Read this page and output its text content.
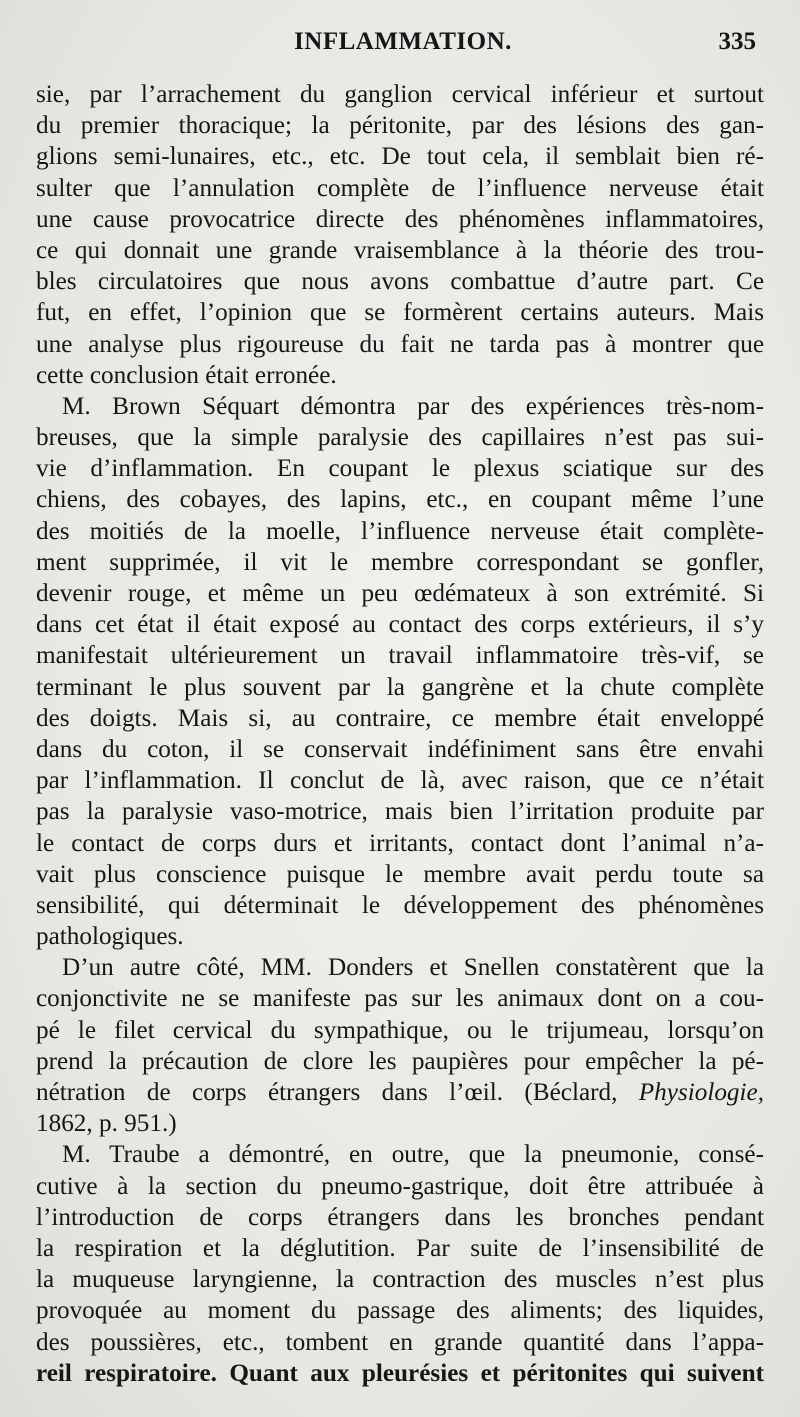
INFLAMMATION.	335
sie, par l’arrachement du ganglion cervical inférieur et surtout
du premier thoracique; la péritonite, par des lésions des gan-
glions semi-lunaires, etc., etc. De tout cela, il semblait bien ré-
sulter que l’annulation complète de l’influence nerveuse était
une cause provocatrice directe des phénomènes inflammatoires,
ce qui donnait une grande vraisemblance à la théorie des trou-
bles circulatoires que nous avons combattue d’autre part. Ce
fut, en effet, l’opinion que se formèrent certains auteurs. Mais
une analyse plus rigoureuse du fait ne tarda pas à montrer que
cette conclusion était erronée.
M. Brown Séquart démontra par des expériences très-nom-
breuses, que la simple paralysie des capillaires n’est pas sui-
vie d’inflammation. En coupant le plexus sciatique sur des
chiens, des cobayes, des lapins, etc., en coupant même l’une
des moitiés de la moelle, l’influence nerveuse était complète-
ment supprimée, il vit le membre correspondant se gonfler,
devenir rouge, et même un peu œdémateux à son extrémité. Si
dans cet état il était exposé au contact des corps extérieurs, il s’y
manifestait ultérieurement un travail inflammatoire très-vif, se
terminant le plus souvent par la gangrène et la chute complète
des doigts. Mais si, au contraire, ce membre était enveloppé
dans du coton, il se conservait indéfiniment sans être envahi
par l’inflammation. Il conclut de là, avec raison, que ce n’était
pas la paralysie vaso-motrice, mais bien l’irritation produite par
le contact de corps durs et irritants, contact dont l’animal n’a-
vait plus conscience puisque le membre avait perdu toute sa
sensibilité, qui déterminait le développement des phénomènes
pathologiques.
D’un autre côté, MM. Donders et Snellen constatèrent que la
conjonctivite ne se manifeste pas sur les animaux dont on a cou-
pé le filet cervical du sympathique, ou le trijumeau, lorsqu’on
prend la précaution de clore les paupières pour empêcher la pé-
nétration de corps étrangers dans l’œil. (Béclard, Physiologie,
1862, p. 951.)
M. Traube a démontré, en outre, que la pneumonie, consé-
cutive à la section du pneumo-gastrique, doit être attribuée à
l’introduction de corps étrangers dans les bronches pendant
la respiration et la déglutition. Par suite de l’insensibilité de
la muqueuse laryngienne, la contraction des muscles n’est plus
provoquée au moment du passage des aliments; des liquides,
des poussières, etc., tombent en grande quantité dans l’appa-
reil respiratoire. Quant aux pleurésies et péritonites qui suivent
